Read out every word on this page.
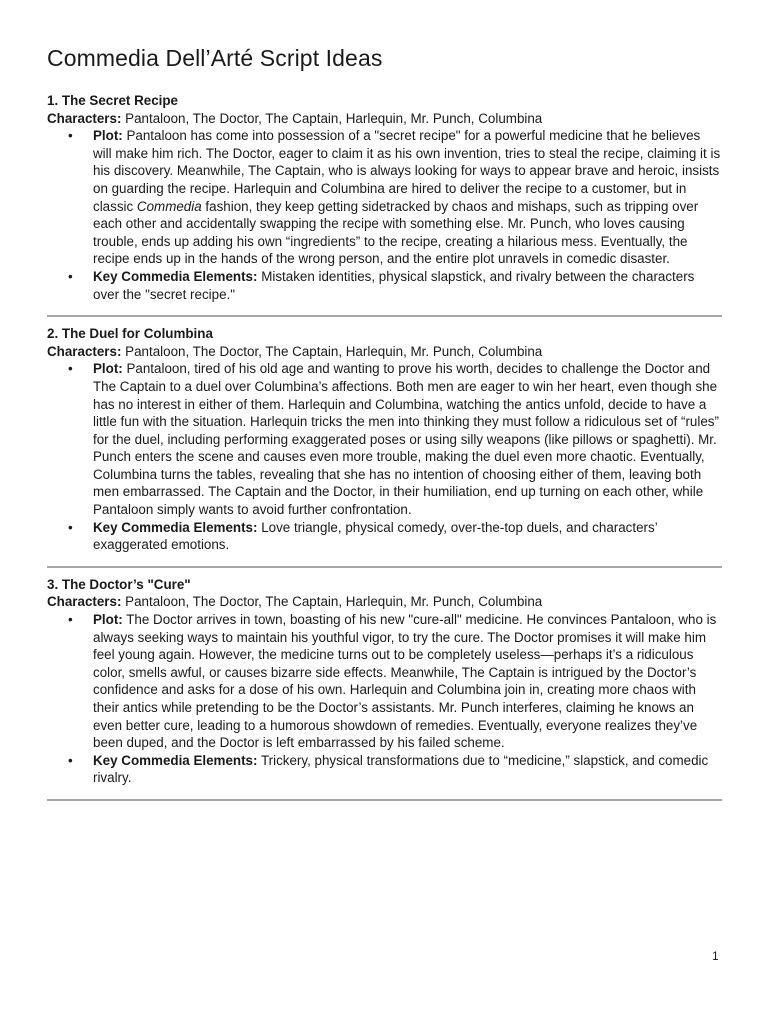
Commedia Dell’Arté Script Ideas

1. The Secret Recipe

Characters: Pantaloon, The Doctor, The Captain, Harlequin, Mr. Punch, Columbina

• Plot: Pantaloon has come into possession of a "secret recipe" for a powerful medicine that he believes will make him rich. The Doctor, eager to claim it as his own invention, tries to steal the recipe, claiming it is his discovery. Meanwhile, The Captain, who is always looking for ways to appear brave and heroic, insists on guarding the recipe. Harlequin and Columbina are hired to deliver the recipe to a customer, but in classic Commedia fashion, they keep getting sidetracked by chaos and mishaps, such as tripping over each other and accidentally swapping the recipe with something else. Mr. Punch, who loves causing trouble, ends up adding his own “ingredients” to the recipe, creating a hilarious mess. Eventually, the recipe ends up in the hands of the wrong person, and the entire plot unravels in comedic disaster.
• Key Commedia Elements: Mistaken identities, physical slapstick, and rivalry between the characters over the "secret recipe."

2. The Duel for Columbina

Characters: Pantaloon, The Doctor, The Captain, Harlequin, Mr. Punch, Columbina

• Plot: Pantaloon, tired of his old age and wanting to prove his worth, decides to challenge the Doctor and The Captain to a duel over Columbina’s affections. Both men are eager to win her heart, even though she has no interest in either of them. Harlequin and Columbina, watching the antics unfold, decide to have a little fun with the situation. Harlequin tricks the men into thinking they must follow a ridiculous set of “rules” for the duel, including performing exaggerated poses or using silly weapons (like pillows or spaghetti). Mr. Punch enters the scene and causes even more trouble, making the duel even more chaotic. Eventually, Columbina turns the tables, revealing that she has no intention of choosing either of them, leaving both men embarrassed. The Captain and the Doctor, in their humiliation, end up turning on each other, while Pantaloon simply wants to avoid further confrontation.
• Key Commedia Elements: Love triangle, physical comedy, over-the-top duels, and characters’ exaggerated emotions.

3. The Doctor’s "Cure"

Characters: Pantaloon, The Doctor, The Captain, Harlequin, Mr. Punch, Columbina

• Plot: The Doctor arrives in town, boasting of his new "cure-all" medicine. He convinces Pantaloon, who is always seeking ways to maintain his youthful vigor, to try the cure. The Doctor promises it will make him feel young again. However, the medicine turns out to be completely useless—perhaps it’s a ridiculous color, smells awful, or causes bizarre side effects. Meanwhile, The Captain is intrigued by the Doctor’s confidence and asks for a dose of his own. Harlequin and Columbina join in, creating more chaos with their antics while pretending to be the Doctor’s assistants. Mr. Punch interferes, claiming he knows an even better cure, leading to a humorous showdown of remedies. Eventually, everyone realizes they’ve been duped, and the Doctor is left embarrassed by his failed scheme.
• Key Commedia Elements: Trickery, physical transformations due to “medicine,” slapstick, and comedic rivalry.
1
